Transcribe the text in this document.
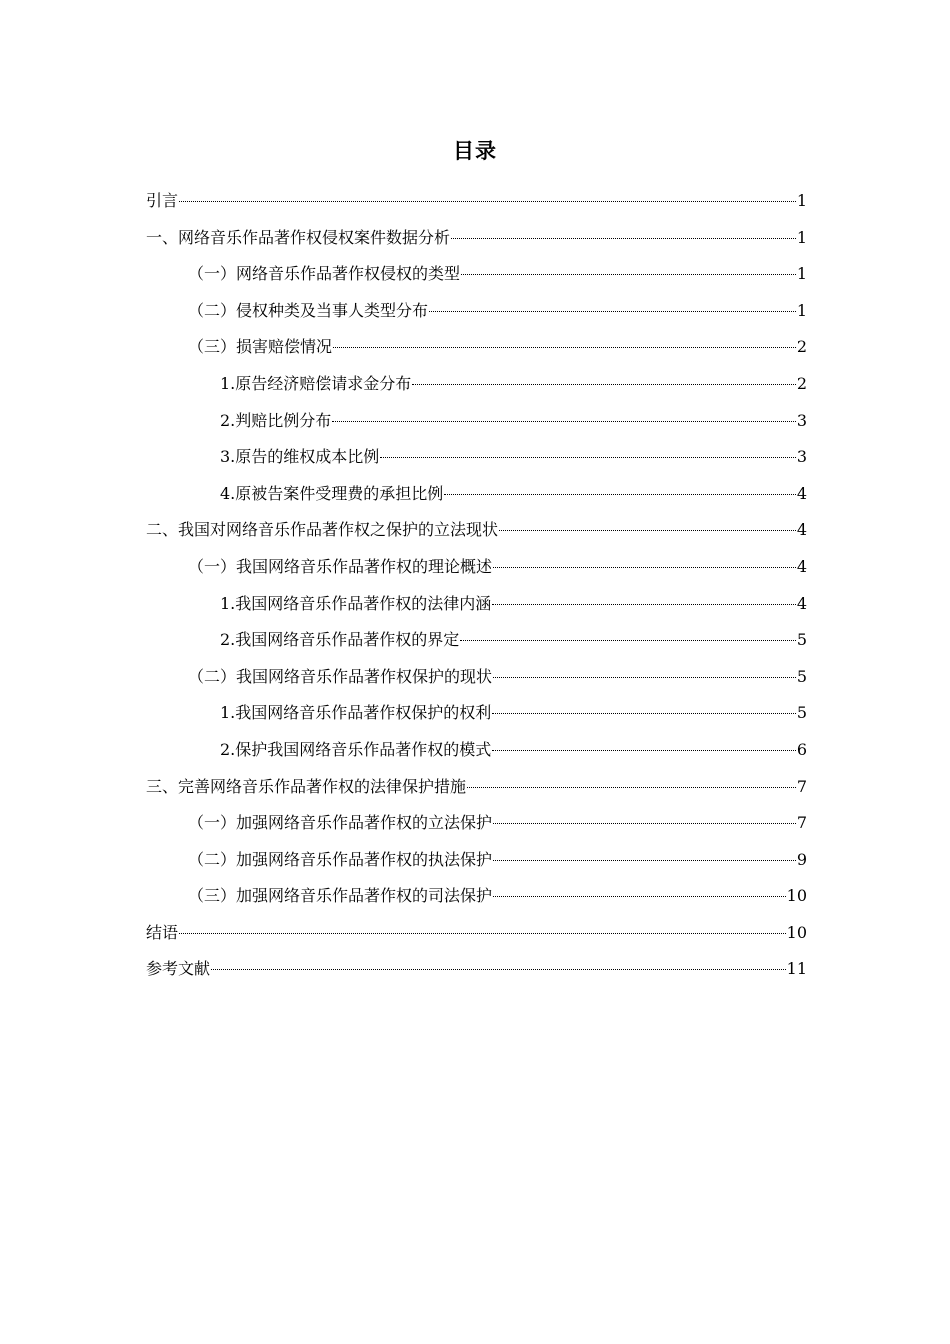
目录
引言	1
一、网络音乐作品著作权侵权案件数据分析	1
（一）网络音乐作品著作权侵权的类型	1
（二）侵权种类及当事人类型分布	1
（三）损害赔偿情况	2
1.原告经济赔偿请求金分布	2
2.判赔比例分布	3
3.原告的维权成本比例	3
4.原被告案件受理费的承担比例	4
二、我国对网络音乐作品著作权之保护的立法现状	4
（一）我国网络音乐作品著作权的理论概述	4
1.我国网络音乐作品著作权的法律内涵	4
2.我国网络音乐作品著作权的界定	5
（二）我国网络音乐作品著作权保护的现状	5
1.我国网络音乐作品著作权保护的权利	5
2.保护我国网络音乐作品著作权的模式	6
三、完善网络音乐作品著作权的法律保护措施	7
（一）加强网络音乐作品著作权的立法保护	7
（二）加强网络音乐作品著作权的执法保护	9
（三）加强网络音乐作品著作权的司法保护	10
结语	10
参考文献	11
